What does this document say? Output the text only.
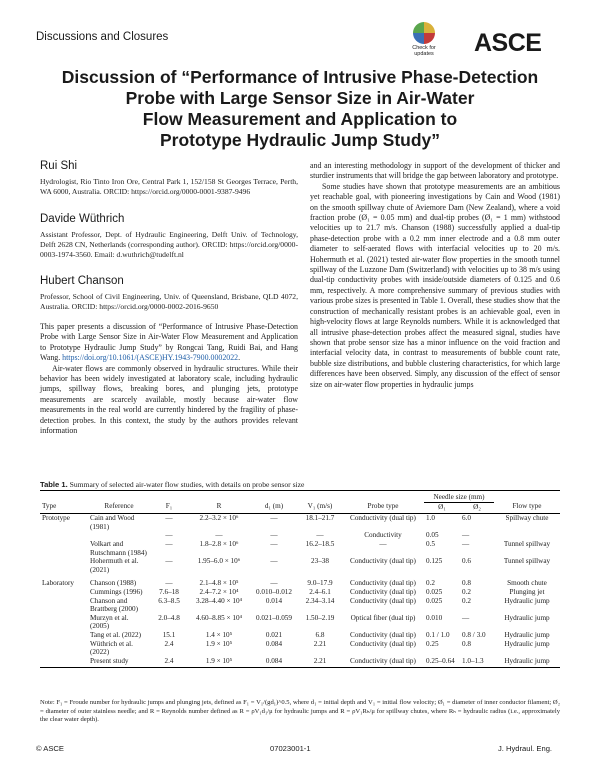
Discussions and Closures
Check for
updates	ASCE
Discussion of “Performance of Intrusive Phase-Detection
Probe with Large Sensor Size in Air-Water
Flow Measurement and Application to
Prototype Hydraulic Jump Study”
Rui Shi
Hydrologist, Rio Tinto Iron Ore, Central Park 1, 152/158 St Georges Terrace, Perth, WA 6000, Australia. ORCID: https://orcid.org/0000-0001-9387-9496
Davide Wüthrich
Assistant Professor, Dept. of Hydraulic Engineering, Delft Univ. of Technology, Delft 2628 CN, Netherlands (corresponding author). ORCID: https://orcid.org/0000-0003-1974-3560. Email: d.wuthrich@tudelft.nl
Hubert Chanson
Professor, School of Civil Engineering, Univ. of Queensland, Brisbane, QLD 4072, Australia. ORCID: https://orcid.org/0000-0002-2016-9650

This paper presents a discussion of “Performance of Intrusive Phase-Detection Probe with Large Sensor Size in Air-Water Flow Measurement and Application to Prototype Hydraulic Jump Study” by Rongcai Tang, Ruidi Bai, and Hang Wang. https://doi.org/10.1061/(ASCE)HY.1943-7900.0002022.

Air-water flows are commonly observed in hydraulic structures. While their behavior has been widely investigated at laboratory scale, including hydraulic jumps, spillway flows, breaking bores, and plunging jets, prototype measurements are scarcely available, mostly because air-water flow measurements in the real world are currently hindered by the fragility of phase-detection probes. In this context, the study by the authors provides relevant information

and an interesting methodology in support of the development of thicker and sturdier instruments that will bridge the gap between laboratory and prototype.

Some studies have shown that prototype measurements are an ambitious yet reachable goal, with pioneering investigations by Cain and Wood (1981) on the smooth spillway chute of Aviemore Dam (New Zealand), where a void fraction probe (Ø₁ = 0.05 mm) and dual-tip probes (Ø₁ = 1 mm) withstood velocities up to 21.7 m/s. Chanson (1988) successfully applied a dual-tip phase-detection probe with a 0.2 mm inner electrode and a 0.8 mm outer diameter to self-aerated flows with interfacial velocities up to 20 m/s. Hohermuth et al. (2021) tested air-water flow properties in the smooth tunnel spillway of the Luzzone Dam (Switzerland) with velocities up to 38 m/s using dual-tip conductivity probes with inside/outside diameters of 0.125 and 0.6 mm, respectively. A more comprehensive summary of previous studies with various probe sizes is presented in Table 1. Overall, these studies show that the construction of mechanically resistant probes is an achievable goal, even in high-velocity flows at large Reynolds numbers. While it is acknowledged that all intrusive phase-detection probes affect the measured signal, studies have shown that probe sensor size has a minor influence on the void fraction and interfacial velocity data, in contrast to measurements of bubble count rate, bubble size distributions, and bubble clustering characteristics, for which large differences have been observed. Simply, any discussion of the effect of sensor size on air-water flow properties in hydraulic jumps

Table 1. Summary of selected air-water flow studies, with details on probe sensor size
							Needle size (mm)		
Type	Reference	F₁	R	d₁ (m)	V₁ (m/s)	Probe type	Ø₁	Ø₂	Flow type
Prototype	Cain and Wood (1981)	—	2.2–3.2 × 10⁶	—	18.1–21.7	Conductivity (dual tip)	1.0	6.0	Spillway chute
		—	—	—	—	Conductivity	0.05	—	
	Volkart and Rutschmann (1984)	—	1.8–2.8 × 10⁶	—	16.2–18.5	—	0.5	—	Tunnel spillway
	Hohermuth et al. (2021)	—	1.95–6.0 × 10⁶	—	23–38	Conductivity (dual tip)	0.125	0.6	Tunnel spillway
Laboratory	Chanson (1988)	—	2.1–4.8 × 10⁵	—	9.0–17.9	Conductivity (dual tip)	0.2	0.8	Smooth chute
	Cummings (1996)	7.6–18	2.4–7.2 × 10⁴	0.010–0.012	2.4–6.1	Conductivity (dual tip)	0.025	0.2	Plunging jet
	Chanson and Brattberg (2000)	6.3–8.5	3.28–4.40 × 10⁴	0.014	2.34–3.14	Conductivity (dual tip)	0.025	0.2	Hydraulic jump
	Murzyn et al. (2005)	2.0–4.8	4.60–8.85 × 10⁴	0.021–0.059	1.50–2.19	Optical fiber (dual tip)	0.010	—	Hydraulic jump
	Tang et al. (2022)	15.1	1.4 × 10⁵	0.021	6.8	Conductivity (dual tip)	0.1 / 1.0	0.8 / 3.0	Hydraulic jump
	Wüthrich et al. (2022)	2.4	1.9 × 10⁵	0.084	2.21	Conductivity (dual tip)	0.25	0.8	Hydraulic jump
	Present study	2.4	1.9 × 10⁵	0.084	2.21	Conductivity (dual tip)	0.25–0.64	1.0–1.3	Hydraulic jump
Note: F₁ = Froude number for hydraulic jumps and plunging jets, defined as F₁ = V₁/(gd₁)^0.5, where d₁ = initial depth and V₁ = initial flow velocity; Ø₁ = diameter of inner conductor filament; Ø₂ = diameter of outer stainless needle; and R = Reynolds number defined as R = ρV₁d₁/μ for hydraulic jumps and R = ρV₁Rₕ/μ for spillway chutes, where Rₕ = hydraulic radius (i.e., approximately the clear water depth).
© ASCE	07023001-1	J. Hydraul. Eng.
